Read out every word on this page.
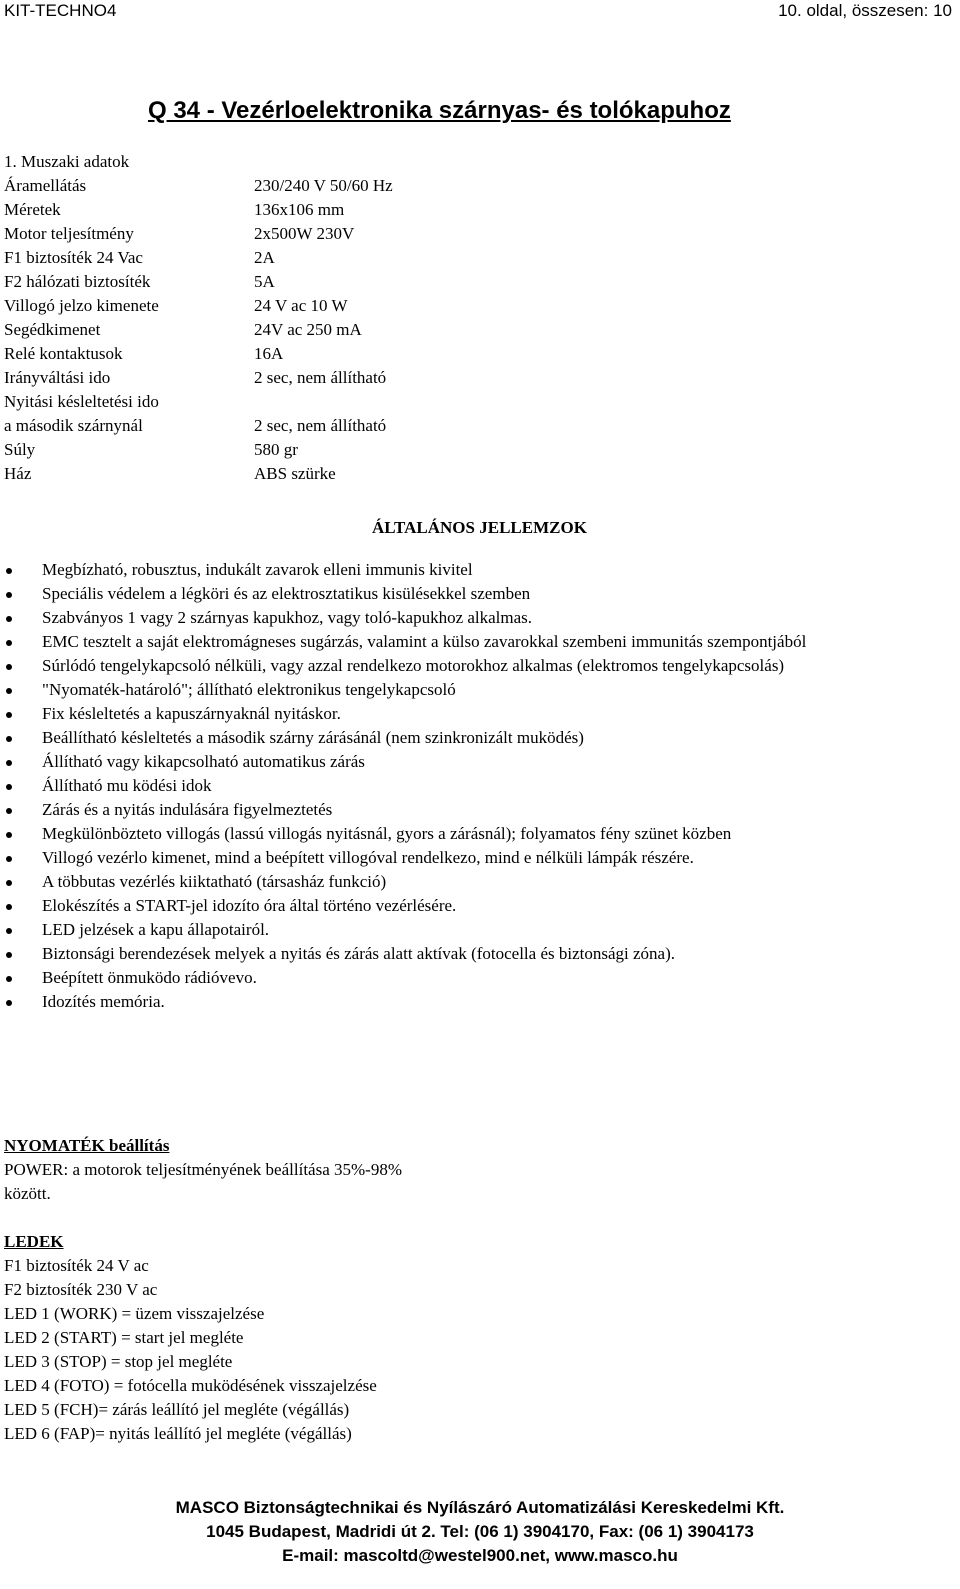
KIT-TECHNO4	10. oldal, összesen: 10
Q 34 - Vezérloelektronika szárnyas- és tolókapuhoz
1. Muszaki adatok
Áramellátás	230/240 V 50/60 Hz
Méretek	136x106 mm
Motor teljesítmény	2x500W 230V
F1 biztosíték 24 Vac	2A
F2 hálózati biztosíték	5A
Villogó jelzo kimenete	24 V ac 10 W
Segédkimenet	24V ac 250 mA
Relé kontaktusok	16A
Irányváltási ido	2 sec, nem állítható
Nyitási késleltetési ido
a második szárnynál	2 sec, nem állítható
Súly	580 gr
Ház	ABS szürke
ÁLTALÁNOS JELLEMZOK
Megbízható, robusztus, indukált zavarok elleni immunis kivitel
Speciális védelem a légköri és az elektrosztatikus kisülésekkel szemben
Szabványos 1 vagy 2 szárnyas kapukhoz, vagy toló-kapukhoz alkalmas.
EMC tesztelt a saját elektromágneses sugárzás, valamint a külso zavarokkal szembeni immunitás szempontjából
Súrlódó tengelykapcsoló nélküli, vagy azzal rendelkezo motorokhoz alkalmas (elektromos tengelykapcsolás)
"Nyomaték-határoló"; állítható elektronikus tengelykapcsoló
Fix késleltetés a kapuszárnyaknál nyitáskor.
Beállítható késleltetés a második szárny zárásánál (nem szinkronizált muködés)
Állítható vagy kikapcsolható automatikus zárás
Állítható mu ködési idok
Zárás és a nyitás indulására figyelmeztetés
Megkülönbözteto villogás (lassú villogás nyitásnál, gyors a zárásnál); folyamatos fény szünet közben
Villogó vezérlo kimenet, mind a beépített villogóval rendelkezo, mind e nélküli lámpák részére.
A többutas vezérlés kiiktatható (társasház funkció)
Elokészítés a START-jel idozíto óra által történo vezérlésére.
LED jelzések a kapu állapotairól.
Biztonsági berendezések melyek a nyitás és zárás alatt aktívak (fotocella és biztonsági zóna).
Beépített önmuködo rádióvevo.
Idozítés memória.
NYOMATÉK beállítás
POWER: a motorok teljesítményének beállítása 35%-98%
között.
LEDEK
F1 biztosíték 24 V ac
F2 biztosíték 230 V ac
LED 1 (WORK) = üzem visszajelzése
LED 2 (START) = start jel megléte
LED 3 (STOP) = stop jel megléte
LED 4 (FOTO) = fotócella muködésének visszajelzése
LED 5 (FCH)= zárás leállító jel megléte (végállás)
LED 6 (FAP)= nyitás leállító jel megléte (végállás)
MASCO Biztonságtechnikai és Nyílászáró Automatizálási Kereskedelmi Kft.
1045 Budapest, Madridi út 2. Tel: (06 1) 3904170, Fax: (06 1) 3904173
E-mail: mascoltd@westel900.net, www.masco.hu
